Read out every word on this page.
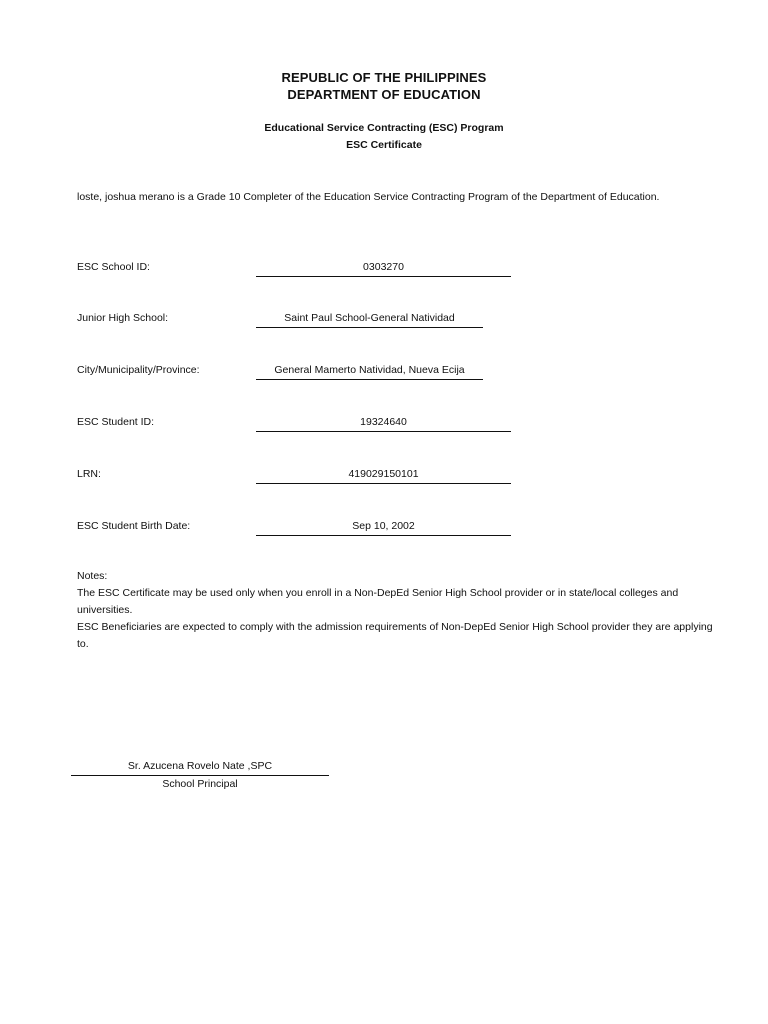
REPUBLIC OF THE PHILIPPINES
DEPARTMENT OF EDUCATION
Educational Service Contracting (ESC) Program
ESC Certificate
loste, joshua merano is a Grade 10 Completer of the Education Service Contracting Program of the Department of Education.
ESC School ID:	0303270
Junior High School:	Saint Paul School-General Natividad
City/Municipality/Province:	General Mamerto Natividad, Nueva Ecija
ESC Student ID:	19324640
LRN:	419029150101
ESC Student Birth Date:	Sep 10, 2002
Notes:
The ESC Certificate may be used only when you enroll in a Non-DepEd Senior High School provider or in state/local colleges and universities.
ESC Beneficiaries are expected to comply with the admission requirements of Non-DepEd Senior High School provider they are applying to.
Sr. Azucena Rovelo Nate ,SPC
School Principal
